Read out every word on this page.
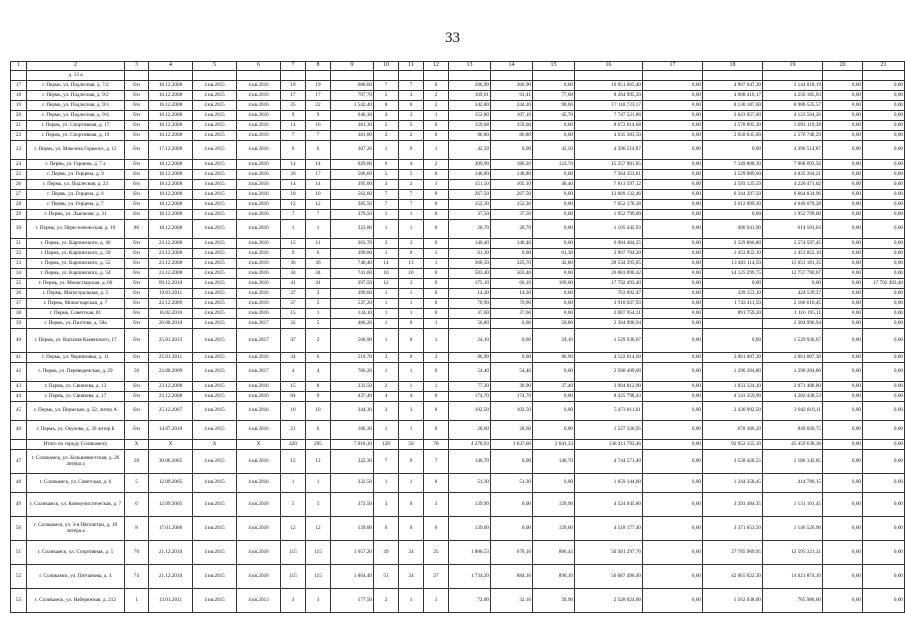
33
1	2	3	4	5	6	7	8	9	10	11	12	13	14	15	16	17	18	19	20	21
	д. 13 а																			
17	г. Пермь, ул. Подлесная, д. 7/2	б/н	16.12.2008	4 кв.2015	4 кв.2016	19	19	680,60	7	7	0	206,90	206,90	0,00	10 051 665,40	0,00	4 907 647,30	5 144 018,19	0,00	0,00
18	г. Пермь, ул. Подлесная, д. 9/2	б/н	16.12.2008	4 кв.2015	4 кв.2016	17	17	707,70	5	3	2	169,01	91,41	77,60	8 264 995,20	0,00	4 008 410,17	4 256 185,03	0,00	0,00
19	г. Пермь, ул. Подлесная, д. 9/3	б/н	16.12.2008	4 кв.2015	4 кв.2016	25	22	1 542,40	8	6	2	342,80	244,20	98,60	17 118 723,17	0,00	8 130 187,60	8 988 535,57	0,00	0,00
20	г. Пермь, ул. Подлесная, д. 9/4	б/н	16.12.2008	4 кв.2015	4 кв.2016	9	9	640,30	4	3	1	152,80	107,10	45,70	7 747 521,86	0,00	3 623 957,60	4 123 564,26	0,00	0,00
21	г. Пермь, ул. Спортивная, д. 17	б/н	16.12.2008	4 кв.2015	4 кв.2016	14	16	381,30	5	5	0	159,68	159,68	0,00	8 672 014,68	0,00	3 578 895,30	5 093 119,38	0,00	0,00
22	г. Пермь, ул. Спортивная, д. 19	б/н	16.12.2008	4 кв.2015	4 кв.2016	7	7	381,00	2	2	0	86,80	86,80	0,00	4 635 383,50	0,00	2 058 635,60	2 576 748,29	0,00	0,00
23	г. Пермь, ул. Максима Горького, д. 12	б/н	17.12.2008	4 кв.2015	4 кв.2016	6	6	307,20	1	0	1	42,50	0,00	42,50	4 396 514,87	0,00	0,00	4 396 514,87	0,00	0,00
24	г. Пермь, ул. Герцена, д. 7 а	б/н	18.12.2008	4 кв.2015	4 кв.2016	14	14	629,60	6	4	2	309,90	186,20	123,70	15 257 901,85	0,00	7 349 808,30	7 908 093,56	0,00	0,00
25	г. Пермь, ул. Герцена, д. 9	б/н	18.12.2008	4 кв.2015	4 кв.2016	20	17	506,60	5	5	0	148,80	148,80	0,00	7 564 353,81	0,00	3 529 089,60	4 035 264,21	0,00	0,00
26	г. Пермь, ул. Подлесная, д. 23	б/н	18.12.2008	4 кв.2015	4 кв.2016	14	14	395,00	3	2	1	151,50	105,10	46,40	7 813 597,12	0,00	3 593 125,59	4 220 471,62	0,00	0,00
27	г. Пермь, ул. Герцена, д. 6	б/н	18.12.2008	4 кв.2015	4 кв.2016	10	10	562,60	7	7	0	267,50	267,50	0,00	13 009 132,46	0,00	6 344 297,50	6 664 834,96	0,00	0,00
28	г. Пермь, ул. Герцена, д. 7	б/н	18.12.2008	4 кв.2015	4 кв.2016	12	12	385,50	7	7	0	152,30	152,30	0,00	7 652 178,38	0,00	3 612 099,10	4 040 079,28	0,00	0,00
29	г. Пермь, ул. Льяльная, д. 31	б/н	18.12.2008	4 кв.2015	4 кв.2016	7	7	379,50	1	1	0	37,50	37,50	0,00	1 952 799,00	0,00	0,00	1 952 799,00	0,00	0,00
30	г. Пермь, ул. Переселенческая, д. 10	80	18.12.2008	4 кв.2015	4 кв.2016	1	1	323,00	1	1	0	20,70	20,70	0,00	1 105 442,93	0,00	490 941,90	614 501,03	0,00	0,00
31	г. Пермь, ул. Карпинского, д. 46	б/н	23.12.2008	4 кв.2015	4 кв.2016	15	11	363,70	3	3	0	140,40	140,40	0,00	6 904 464,25	0,00	3 329 866,80	3 574 597,45	0,00	0,00
32	г. Пермь, ул. Карпинского, д. 50	б/н	23.12.2008	4 кв.2015	4 кв.2016	9	6	399,00	1	0	1	61,30	0,00	61,30	2 907 704,20	0,00	1 453 852,10	1 453 852,10	0,00	0,00
33	г. Пермь, ул. Карпинского, д. 52	б/н	23.12.2008	4 кв.2015	4 кв.2016	36	36	740,40	14	13	1	368,50	325,70	42,80	28 534 295,85	0,00	13 483 114,50	15 051 181,35	0,00	0,00
34	г. Пермь, ул. Карпинского, д. 54	б/н	23.12.2008	4 кв.2015	4 кв.2016	34	34	741,60	10	10	0	503,40	503,40	0,00	26 883 090,42	0,00	14 125 299,75	12 757 790,67	0,00	0,00
35	г. Пермь, ул. Монастырская, д. 60	б/н	09.12.2010	4 кв.2015	4 кв.2016	41	41	397,50	12	3	9	175,10	66,10	109,00	17 792 493,40	0,00	0,00	0,00	0,00	17 792 493,40
36	г. Пермь, Магистральная, д. 5	б/н	19.03.2011	4 кв.2015	4 кв.2016	27	2	399,60	1	1	0	14,30	14,30	0,00	763 692,47	0,00	339 153,10	424 539,37	0,00	0,00
37	г. Пермь, Монастырская, д. 7	б/н	22.12.2009	4 кв.2015	4 кв.2016	37	5	537,20	1	1	0	70,90	70,90	0,00	3 910 027,93	0,00	1 743 411,50	2 166 616,45	0,00	0,00
38	г. Пермь, Советская, 81	б/н	16.02.2010	4 кв.2015	4 кв.2016	15	1	134,10	1	1	0	37,60	37,60	0,00	2 007 954,31	0,00	891 759,20	1 116 195,11	0,00	0,00
39	г. Пермь, ул. Пихтова, д. 58а	б/н	26.08.2010	4 кв.2015	4 кв.2017	32	5	406,20	1	0	1	50,80	0,00	50,80	2 304 996,94	0,00		2 304 996,94	0,00	0,00
40	г. Пермь, ул. Василия Каменского, 17	б/н	25.01.2013	4 кв.2015	4 кв.2017	47	2	566,90	1	0	1	24,10	0,00	24,10	1 529 936,67	0,00	0,00	1 529 936,67	0,00	0,00
41	г. Пермь, ул. Черняховка, д. 11	б/н	25.01.2011	4 кв.2015	4 кв.2016	34	6	518,70	2	0	2	86,90	0,00	86,90	4 122 014,60	0,00	2 061 007,30	2 061 007,30	0,00	0,00
42	г. Пермь, ул. Переведенская, д. 29	50	23.08.2009	4 кв.2015	4 кв.2017	4	4	766,20	1	1	0	54,40	54,40	0,00	2 580 409,60	0,00	1 290 204,80	1 290 204,80	0,00	0,00
43	г. Пермь, ул. Свиязева, д. 13	б/н	23.12.2008	4 кв.2015	4 кв.2016	15	8	233,50	2	1	1	77,30	39,90	37,40	3 904 812,90	0,00	1 833 324,10	2 071 488,80	0,00	0,00
44	г. Пермь, ул. Свиязева, д. 17	б/н	23.12.2008	4 кв.2015	4 кв.2016	84	9	437,40	4	4	0	174,70	174,70	0,00	8 425 798,43	0,00	4 143 359,90	4 282 438,53	0,00	0,00
45	г. Пермь, ул. Пермская, д. 52, литер А	б/н	25.12.2007	4 кв.2015	4 кв.2016	10	10	344,30	3	3	0	102,50	102,50	0,00	5 473 811,61	0,00	2 430 992,50	3 042 819,11	0,00	0,00
46	г. Пермь, ул. Окулова, д. 39 литер Б	б/н	14.07.2010	4 кв.2015	4 кв.2016	21	6	106,30	1	1	0	28,60	28,60	0,00	1 527 326,95	0,00	678 306,20	849 020,75	0,00	0,00
	Итого по городу Соликамску	X	X	X	X	420	295	7 018,30	128	50	78	4 278,93	1 637,60	2 641,33	138 411 793,46	0,00	92 952 155,10	45 459 638,36	0,00	0,00
47	г. Соликамск, ул. Большевистская, д. 26 литера а	20	30.06.2005	4 кв.2015	4 кв.2016	12	12	222,30	7	0	7	146,70	0,00	146,70	4 744 571,40	0,00	3 558 428,55	1 186 142,85	0,00	0,00
48	г. Соликамск, ул. Советская, д. 6	5	12.09.2005	4 кв.2015	4 кв.2016	1	1	332,50	1	1	0	51,30	51,30	0,00	1 659 144,60	0,00	1 244 358,45	414 786,15	0,00	0,00
49	г. Соликамск, ул. Коммунистическая, д. 7	6	12.09.2005	4 кв.2015	4 кв.2016	5	5	372,50	3	0	3	139,90	0,00	139,90	4 524 645,80	0,00	3 393 484,35	1 131 161,45	0,00	0,00
50	г. Соликамск, ул. 3-я Пятилетки, д. 18 литера а	8	17.01.2006	4 кв.2015	4 кв.2016	12	12	139,00	6	0	6	139,00	0,00	139,00	4 518 177,40	0,00	3 371 653,50	1 146 526,90	0,00	0,00
51	г. Соликамск, ул. Спортивная, д. 5	70	21.12.2010	4 кв.2015	4 кв.2016	115	115	1 657,20	49	24	25	1 886,53	670,10	886,43	50 381 297,76	0,00	37 785 969,95	12 595 321,31	0,00	0,00
52	г. Соликамск, ул. Пятчанова, д. 4	74	21.12.2010	4 кв.2015	4 кв.2016	115	115	1 864,40	51	24	27	1 734,20	884,10	890,10	56 087 496,40	0,00	42 065 622,30	14 021 874,10	0,00	0,00
53	г. Соликамск, ул. Набережная, д. 212	1	13.01.2011	4 кв.2015	4 кв.2013	3	3	177,50	2	1	1	72,00	32,10	39,90	2 328 624,00	0,00	1 562 638,00	765 986,00	0,00	0,00
